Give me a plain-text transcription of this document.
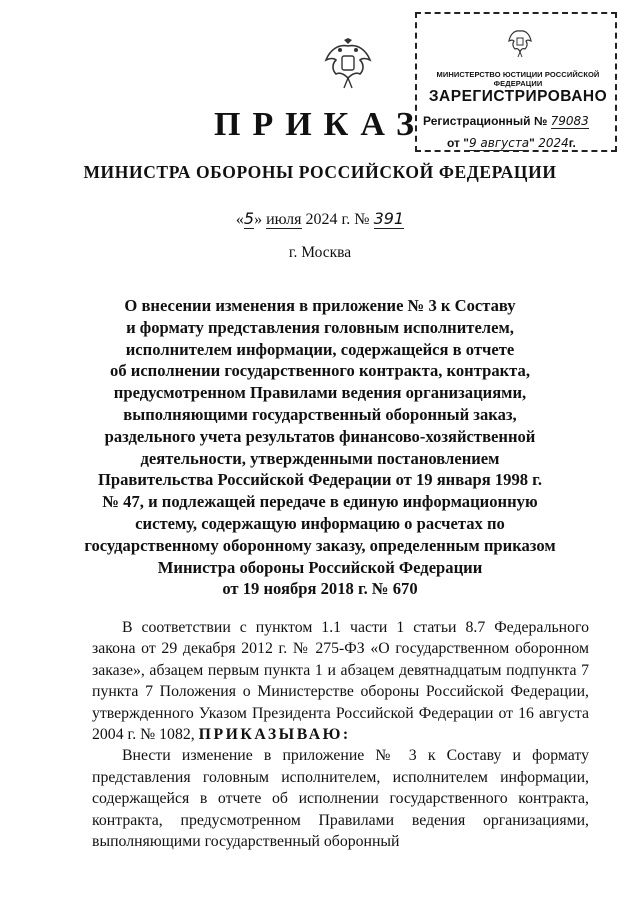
МИНИСТЕРСТВО ЮСТИЦИИ РОССИЙСКОЙ ФЕДЕРАЦИИ
ЗАРЕГИСТРИРОВАНО
Регистрационный № 79083
от "9 августа" 2024г.
ПРИКАЗ
МИНИСТРА ОБОРОНЫ РОССИЙСКОЙ ФЕДЕРАЦИИ
«5» июля 2024 г. № 391
г. Москва
О внесении изменения в приложение № 3 к Составу
и формату представления головным исполнителем,
исполнителем информации, содержащейся в отчете
об исполнении государственного контракта, контракта,
предусмотренном Правилами ведения организациями,
выполняющими государственный оборонный заказ,
раздельного учета результатов финансово-хозяйственной
деятельности, утвержденными постановлением
Правительства Российской Федерации от 19 января 1998 г.
№ 47, и подлежащей передаче в единую информационную
систему, содержащую информацию о расчетах по
государственному оборонному заказу, определенным приказом
Министра обороны Российской Федерации
от 19 ноября 2018 г. № 670

В соответствии с пунктом 1.1 части 1 статьи 8.7 Федерального закона от 29 декабря 2012 г. № 275-ФЗ «О государственном оборонном заказе», абзацем первым пункта 1 и абзацем девятнадцатым подпункта 7 пункта 7 Положения о Министерстве обороны Российской Федерации, утвержденного Указом Президента Российской Федерации от 16 августа 2004 г. № 1082, ПРИКАЗЫВАЮ:

Внести изменение в приложение № 3 к Составу и формату представления головным исполнителем, исполнителем информации, содержащейся в отчете об исполнении государственного контракта, контракта, предусмотренном Правилами ведения организациями, выполняющими государственный оборонный
